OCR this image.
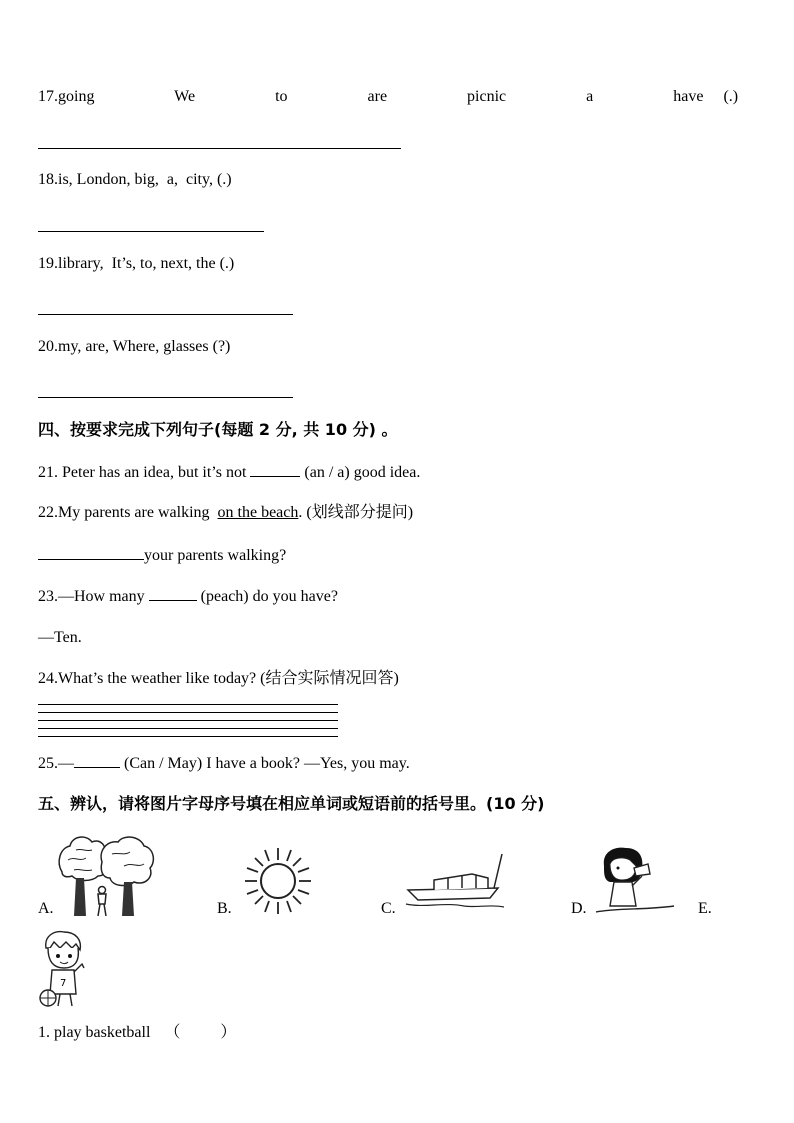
17.going    We    to    are    picnic    a    have (.)
18.is, London, big,  a,  city, (.)
19.library,  It’s, to, next, the (.)
20.my, are, Where, glasses (?)
四、按要求完成下列句子(每题 2 分, 共 10 分) 。
21. Peter has an idea, but it’s not	(an / a) good idea.
22.My parents are walking  on the beach. (划线部分提问)
your parents walking?
23.—How many	(peach) do you have?
—Ten.
24.What’s the weather like today? (结合实际情况回答)
25.—	(Can / May) I have a book? —Yes, you may.
五、辨认，请将图片字母序号填在相应单词或短语前的括号里。(10 分)
A.	B.	C.	D.	E.
7
1. play basketball （          ）
